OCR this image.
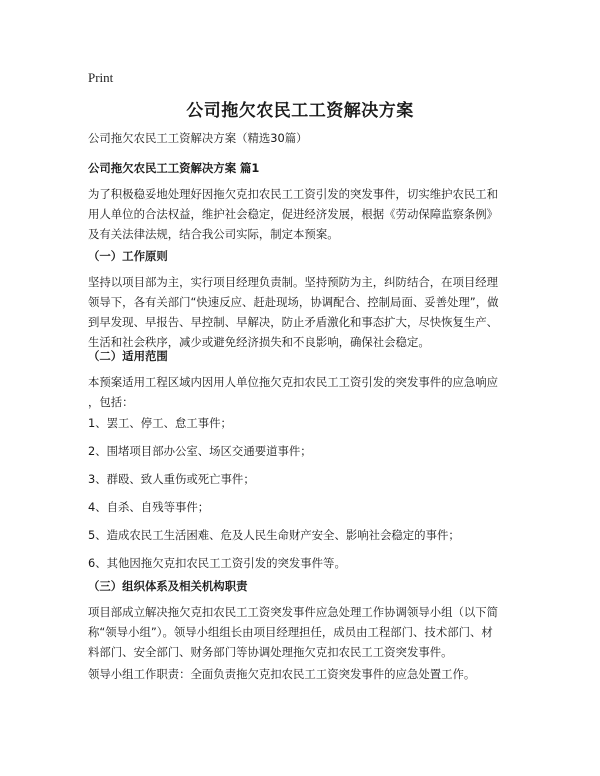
Print
公司拖欠农民工工资解决方案

公司拖欠农民工工资解决方案（精选30篇）

公司拖欠农民工工资解决方案 篇1

为了积极稳妥地处理好因拖欠克扣农民工工资引发的突发事件，切实维护农民工和

用人单位的合法权益，维护社会稳定，促进经济发展，根据《劳动保障监察条例》

及有关法律法规，结合我公司实际，制定本预案。

（一）工作原则

坚持以项目部为主，实行项目经理负责制。坚持预防为主，纠防结合，在项目经理

领导下，各有关部门“快速反应、赶赴现场，协调配合、控制局面、妥善处理”，做

到早发现、早报告、早控制、早解决，防止矛盾激化和事态扩大，尽快恢复生产、

生活和社会秩序，减少或避免经济损失和不良影响，确保社会稳定。

（二）适用范围

本预案适用工程区域内因用人单位拖欠克扣农民工工资引发的突发事件的应急响应

，包括：

1、罢工、停工、怠工事件；

2、围堵项目部办公室、场区交通要道事件；

3、群殴、致人重伤或死亡事件；

4、自杀、自残等事件；

5、造成农民工生活困难、危及人民生命财产安全、影响社会稳定的事件；

6、其他因拖欠克扣农民工工资引发的突发事件等。

（三）组织体系及相关机构职责

项目部成立解决拖欠克扣农民工工资突发事件应急处理工作协调领导小组（以下简

称“领导小组”）。领导小组组长由项目经理担任，成员由工程部门、技术部门、材

料部门、安全部门、财务部门等协调处理拖欠克扣农民工工资突发事件。

领导小组工作职责：全面负责拖欠克扣农民工工资突发事件的应急处置工作。
